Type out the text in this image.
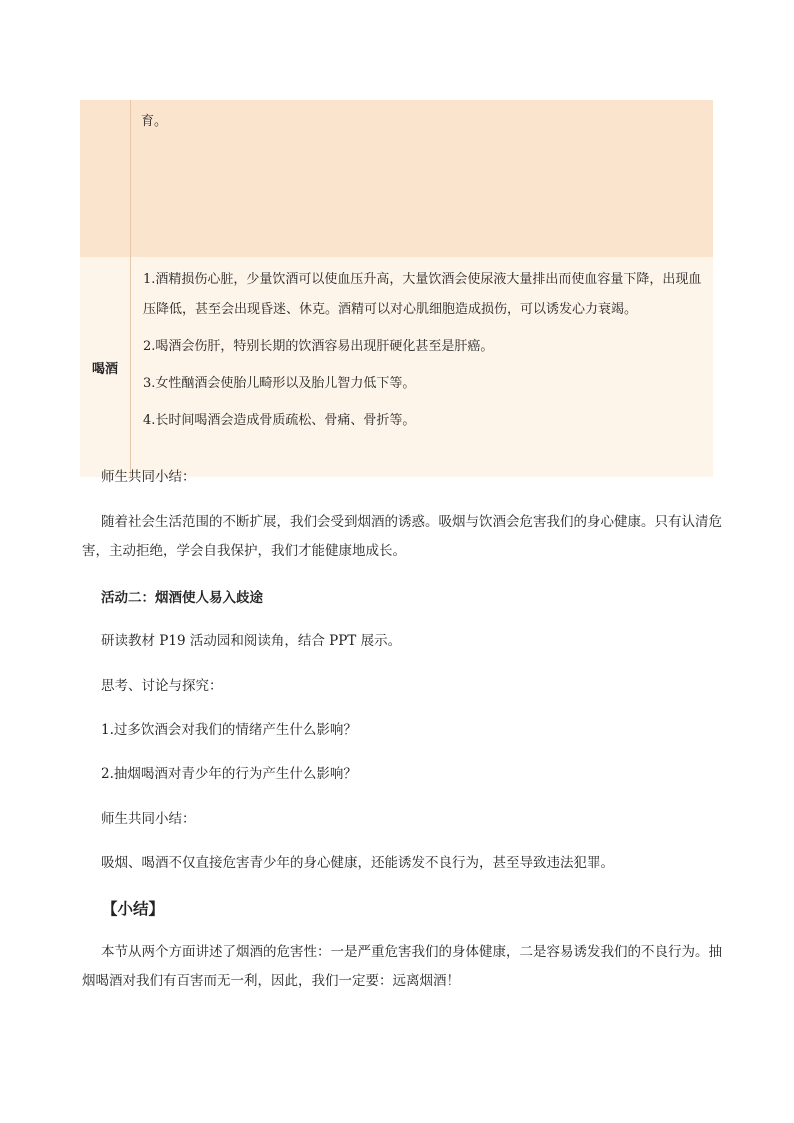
	育。
喝酒	1.酒精损伤心脏，少量饮酒可以使血压升高，大量饮酒会使尿液大量排出而使血容量下降，出现血压降低，甚至会出现昏迷、休克。酒精可以对心肌细胞造成损伤，可以诱发心力衰竭。

2.喝酒会伤肝，特别长期的饮酒容易出现肝硬化甚至是肝癌。

3.女性酗酒会使胎儿畸形以及胎儿智力低下等。

4.长时间喝酒会造成骨质疏松、骨痛、骨折等。

师生共同小结：
随着社会生活范围的不断扩展，我们会受到烟酒的诱惑。吸烟与饮酒会危害我们的身心健康。只有认清危害，主动拒绝，学会自我保护，我们才能健康地成长。
活动二：烟酒使人易入歧途
研读教材 P19 活动园和阅读角，结合 PPT 展示。
思考、讨论与探究：
1.过多饮酒会对我们的情绪产生什么影响？
2.抽烟喝酒对青少年的行为产生什么影响？
师生共同小结：
吸烟、喝酒不仅直接危害青少年的身心健康，还能诱发不良行为，甚至导致违法犯罪。
【小结】
本节从两个方面讲述了烟酒的危害性：一是严重危害我们的身体健康，二是容易诱发我们的不良行为。抽烟喝酒对我们有百害而无一利，因此，我们一定要：远离烟酒！
